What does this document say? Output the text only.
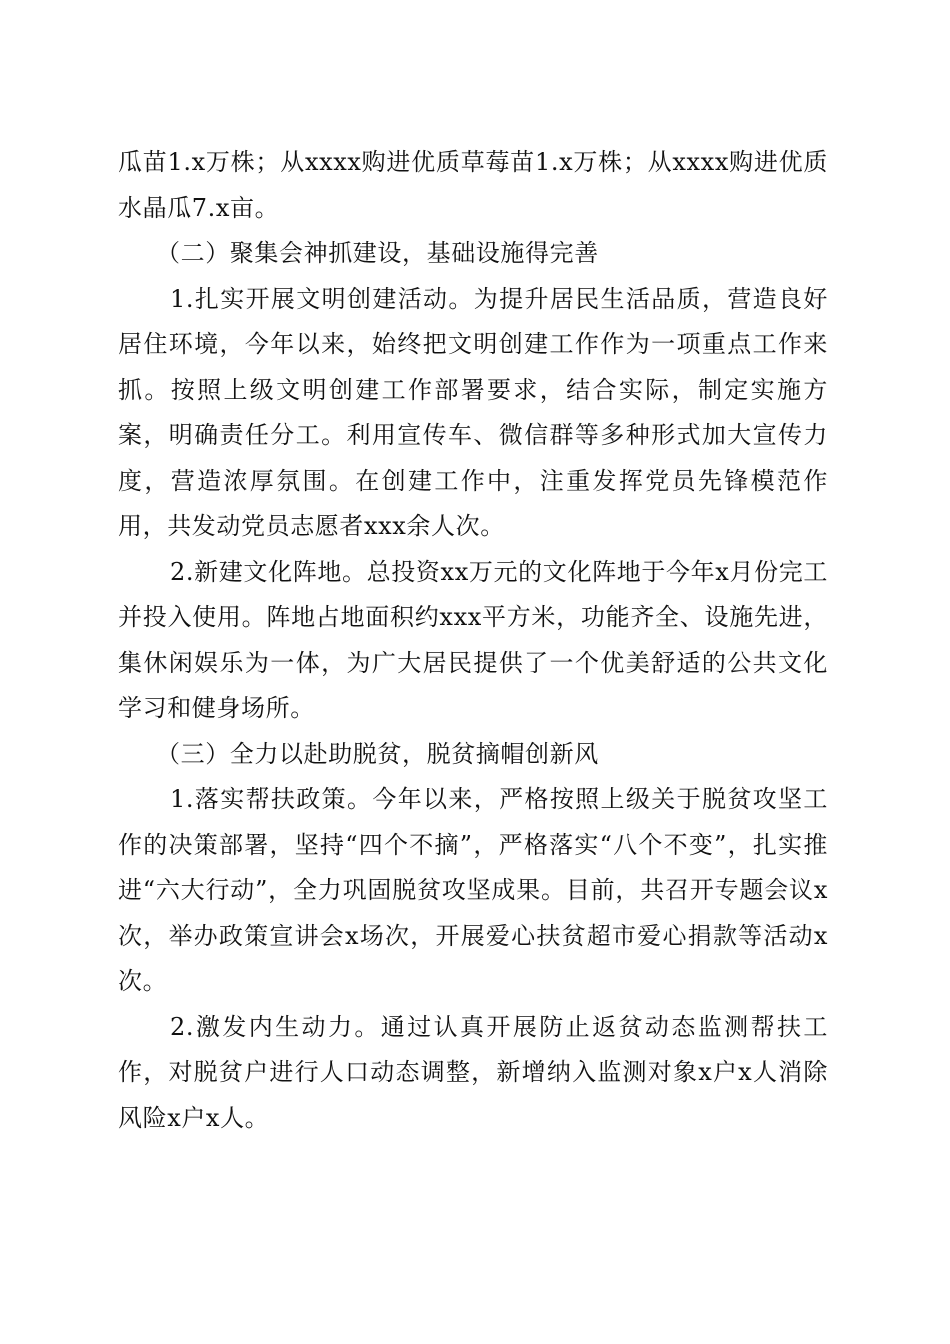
瓜苗1.x万株；从xxxx购进优质草莓苗1.x万株；从xxxx购进优质水晶瓜7.x亩。

（二）聚集会神抓建设，基础设施得完善

1.扎实开展文明创建活动。为提升居民生活品质，营造良好居住环境，今年以来，始终把文明创建工作作为一项重点工作来抓。按照上级文明创建工作部署要求，结合实际，制定实施方案，明确责任分工。利用宣传车、微信群等多种形式加大宣传力度，营造浓厚氛围。在创建工作中，注重发挥党员先锋模范作用，共发动党员志愿者xxx余人次。

2.新建文化阵地。总投资xx万元的文化阵地于今年x月份完工并投入使用。阵地占地面积约xxx平方米，功能齐全、设施先进，集休闲娱乐为一体，为广大居民提供了一个优美舒适的公共文化学习和健身场所。

（三）全力以赴助脱贫，脱贫摘帽创新风

1.落实帮扶政策。今年以来，严格按照上级关于脱贫攻坚工作的决策部署，坚持“四个不摘”，严格落实“八个不变”，扎实推进“六大行动”，全力巩固脱贫攻坚成果。目前，共召开专题会议x次，举办政策宣讲会x场次，开展爱心扶贫超市爱心捐款等活动x次。

2.激发内生动力。通过认真开展防止返贫动态监测帮扶工作，对脱贫户进行人口动态调整，新增纳入监测对象x户x人消除风险x户x人。
